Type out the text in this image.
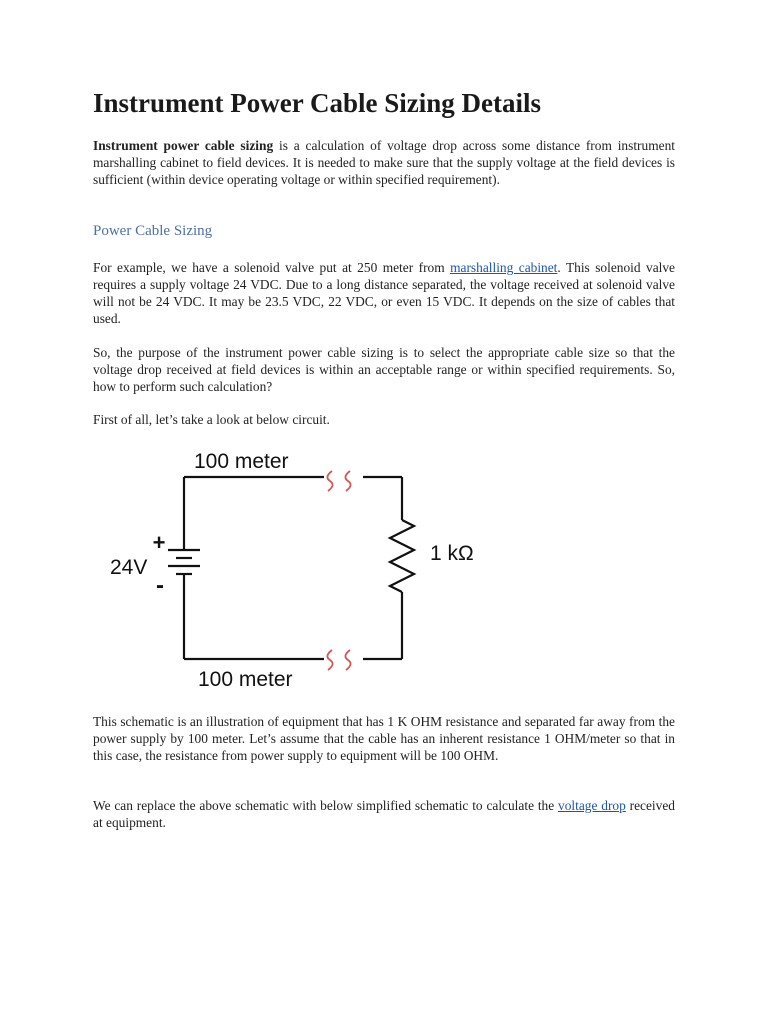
Instrument Power Cable Sizing Details

Instrument power cable sizing is a calculation of voltage drop across some distance from instrument marshalling cabinet to field devices. It is needed to make sure that the supply voltage at the field devices is sufficient (within device operating voltage or within specified requirement).

Power Cable Sizing

For example, we have a solenoid valve put at 250 meter from marshalling cabinet. This solenoid valve requires a supply voltage 24 VDC. Due to a long distance separated, the voltage received at solenoid valve will not be 24 VDC. It may be 23.5 VDC, 22 VDC, or even 15 VDC. It depends on the size of cables that used.

So, the purpose of the instrument power cable sizing is to select the appropriate cable size so that the voltage drop received at field devices is within an acceptable range or within specified requirements. So, how to perform such calculation?

First of all, let’s take a look at below circuit.

+
-
100 meter
100 meter
24V
1 kΩ

This schematic is an illustration of equipment that has 1 K OHM resistance and separated far away from the power supply by 100 meter. Let’s assume that the cable has an inherent resistance 1 OHM/meter so that in this case, the resistance from power supply to equipment will be 100 OHM.

We can replace the above schematic with below simplified schematic to calculate the voltage drop received at equipment.
